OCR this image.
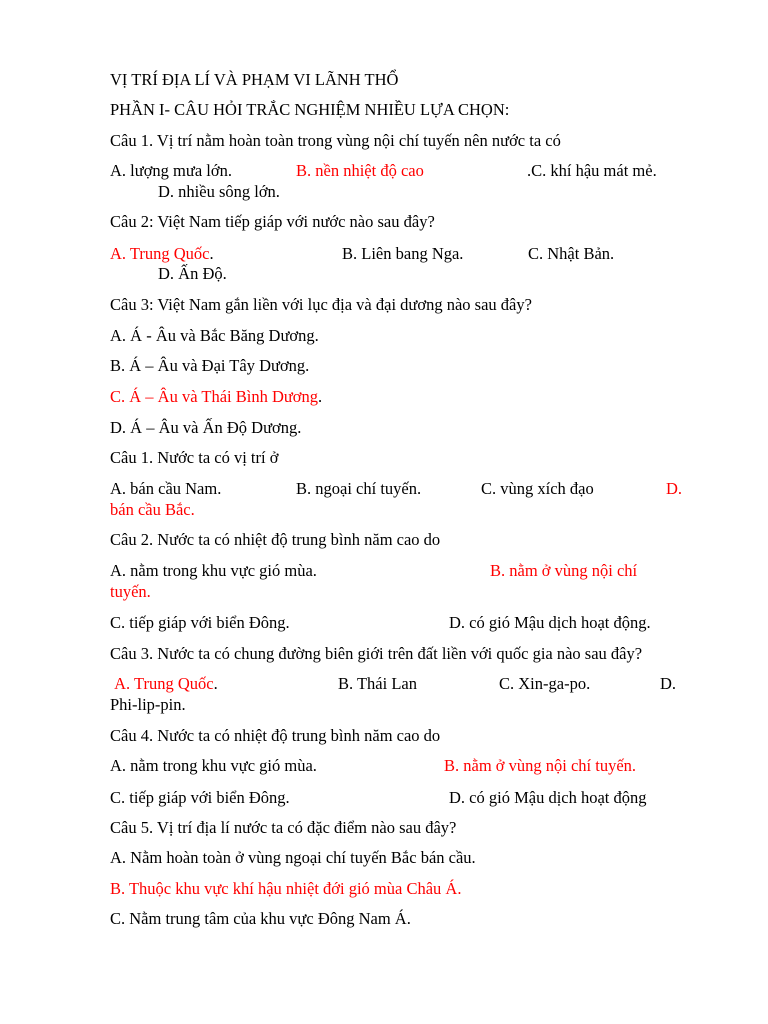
VỊ TRÍ ĐỊA LÍ VÀ PHẠM VI LÃNH THỔ
PHẦN I- CÂU HỎI TRẮC NGHIỆM NHIỀU LỰA CHỌN:
Câu 1. Vị trí nằm hoàn toàn trong vùng nội chí tuyến nên nước ta có
A. lượng mưa lớn.	B. nền nhiệt độ cao	.C. khí hậu mát mẻ.
D. nhiều sông lớn.
Câu 2: Việt Nam tiếp giáp với nước nào sau đây?
A. Trung Quốc.	B. Liên bang Nga.	C. Nhật Bản.
D. Ấn Độ.
Câu 3: Việt Nam gắn liền với lục địa và đại dương nào sau đây?
A. Á - Âu và Bắc Băng Dương.
B. Á – Âu và Đại Tây Dương.
C. Á – Âu và Thái Bình Dương.
D. Á – Âu và Ấn Độ Dương.
Câu 1. Nước ta có vị trí ở
A. bán cầu Nam.	B. ngoại chí tuyến.	C. vùng xích đạo	D.
bán cầu Bắc.
Câu 2. Nước ta có nhiệt độ trung bình năm cao do
A. nằm trong khu vực gió mùa.	B. nằm ở vùng nội chí
tuyến.
C. tiếp giáp với biển Đông.	D. có gió Mậu dịch hoạt động.
Câu 3. Nước ta có chung đường biên giới trên đất liền với quốc gia nào sau đây?
A. Trung Quốc.	B. Thái Lan	C. Xin-ga-po.	D.
Phi-lip-pin.
Câu 4. Nước ta có nhiệt độ trung bình năm cao do
A. nằm trong khu vực gió mùa.	B. nằm ở vùng nội chí tuyến.
C. tiếp giáp với biển Đông.	D. có gió Mậu dịch hoạt động
Câu 5. Vị trí địa lí nước ta có đặc điểm nào sau đây?
A. Nằm hoàn toàn ở vùng ngoại chí tuyến Bắc bán cầu.
B. Thuộc khu vực khí hậu nhiệt đới gió mùa Châu Á.
C. Nằm trung tâm của khu vực Đông Nam Á.
